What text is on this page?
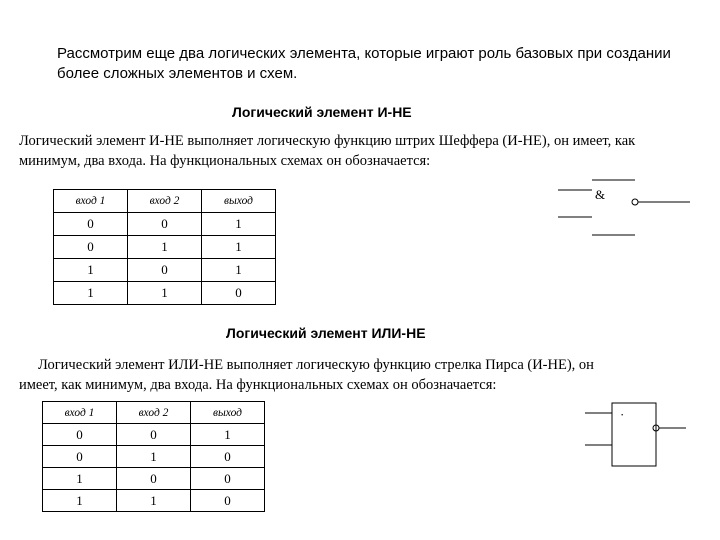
Рассмотрим еще два логических элемента, которые играют роль базовых при создании более сложных элементов и схем.
Логический элемент И-НЕ
Логический элемент И-НЕ выполняет логическую функцию штрих Шеффера (И-НЕ), он имеет, как минимум, два входа. На функциональных схемах он обозначается:
вход 1	вход 2	выход
0	0	1
0	1	1
1	0	1
1	1	0
&
Логический элемент ИЛИ-НЕ
Логический элемент ИЛИ-НЕ выполняет логическую функцию стрелка Пирса (И-НЕ), он
имеет, как минимум, два входа. На функциональных схемах он обозначается:
вход 1	вход 2	выход
0	0	1
0	1	0
1	0	0
1	1	0
·
